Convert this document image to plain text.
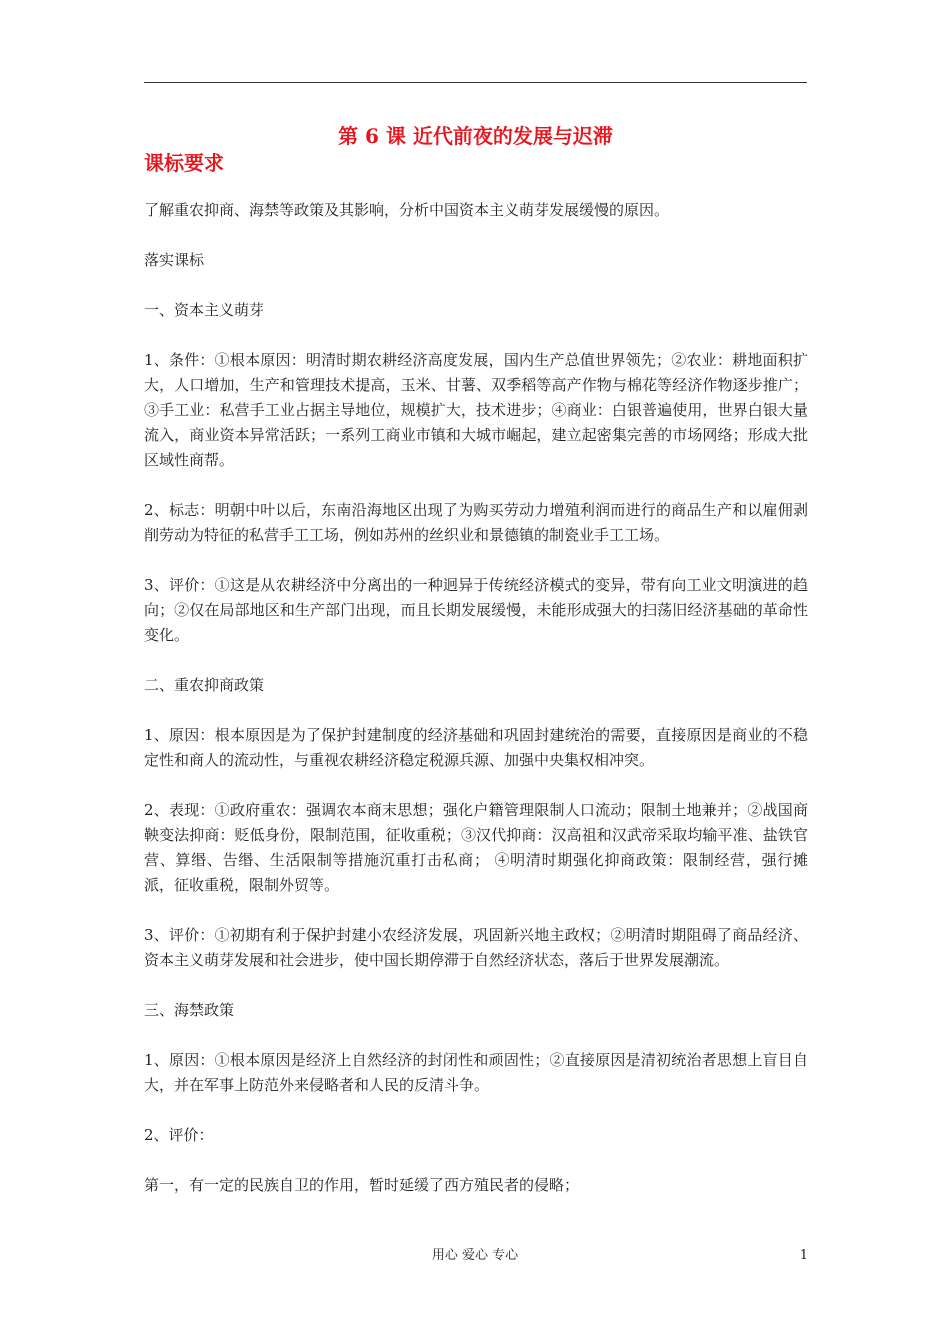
第 6 课 近代前夜的发展与迟滞
课标要求

了解重农抑商、海禁等政策及其影响，分析中国资本主义萌芽发展缓慢的原因。

落实课标

一、资本主义萌芽

1、条件：①根本原因：明清时期农耕经济高度发展，国内生产总值世界领先；②农业：耕地面积扩大，人口增加，生产和管理技术提高，玉米、甘薯、双季稻等高产作物与棉花等经济作物逐步推广；③手工业：私营手工业占据主导地位，规模扩大，技术进步；④商业：白银普遍使用，世界白银大量流入，商业资本异常活跃；一系列工商业市镇和大城市崛起，建立起密集完善的市场网络；形成大批区域性商帮。

2、标志：明朝中叶以后，东南沿海地区出现了为购买劳动力增殖利润而进行的商品生产和以雇佣剥削劳动为特征的私营手工工场，例如苏州的丝织业和景德镇的制瓷业手工工场。

3、评价：①这是从农耕经济中分离出的一种迥异于传统经济模式的变异，带有向工业文明演进的趋向；②仅在局部地区和生产部门出现，而且长期发展缓慢，未能形成强大的扫荡旧经济基础的革命性变化。

二、重农抑商政策

1、原因：根本原因是为了保护封建制度的经济基础和巩固封建统治的需要，直接原因是商业的不稳定性和商人的流动性，与重视农耕经济稳定税源兵源、加强中央集权相冲突。

2、表现：①政府重农：强调农本商末思想；强化户籍管理限制人口流动；限制土地兼并；②战国商鞅变法抑商：贬低身份，限制范围，征收重税；③汉代抑商：汉高祖和汉武帝采取均输平准、盐铁官营、算缗、告缗、生活限制等措施沉重打击私商； ④明清时期强化抑商政策：限制经营，强行摊派，征收重税，限制外贸等。

3、评价：①初期有利于保护封建小农经济发展，巩固新兴地主政权；②明清时期阻碍了商品经济、资本主义萌芽发展和社会进步，使中国长期停滞于自然经济状态，落后于世界发展潮流。

三、海禁政策

1、原因：①根本原因是经济上自然经济的封闭性和顽固性；②直接原因是清初统治者思想上盲目自大，并在军事上防范外来侵略者和人民的反清斗争。

2、评价：

第一，有一定的民族自卫的作用，暂时延缓了西方殖民者的侵略；

用心 爱心 专心	1
